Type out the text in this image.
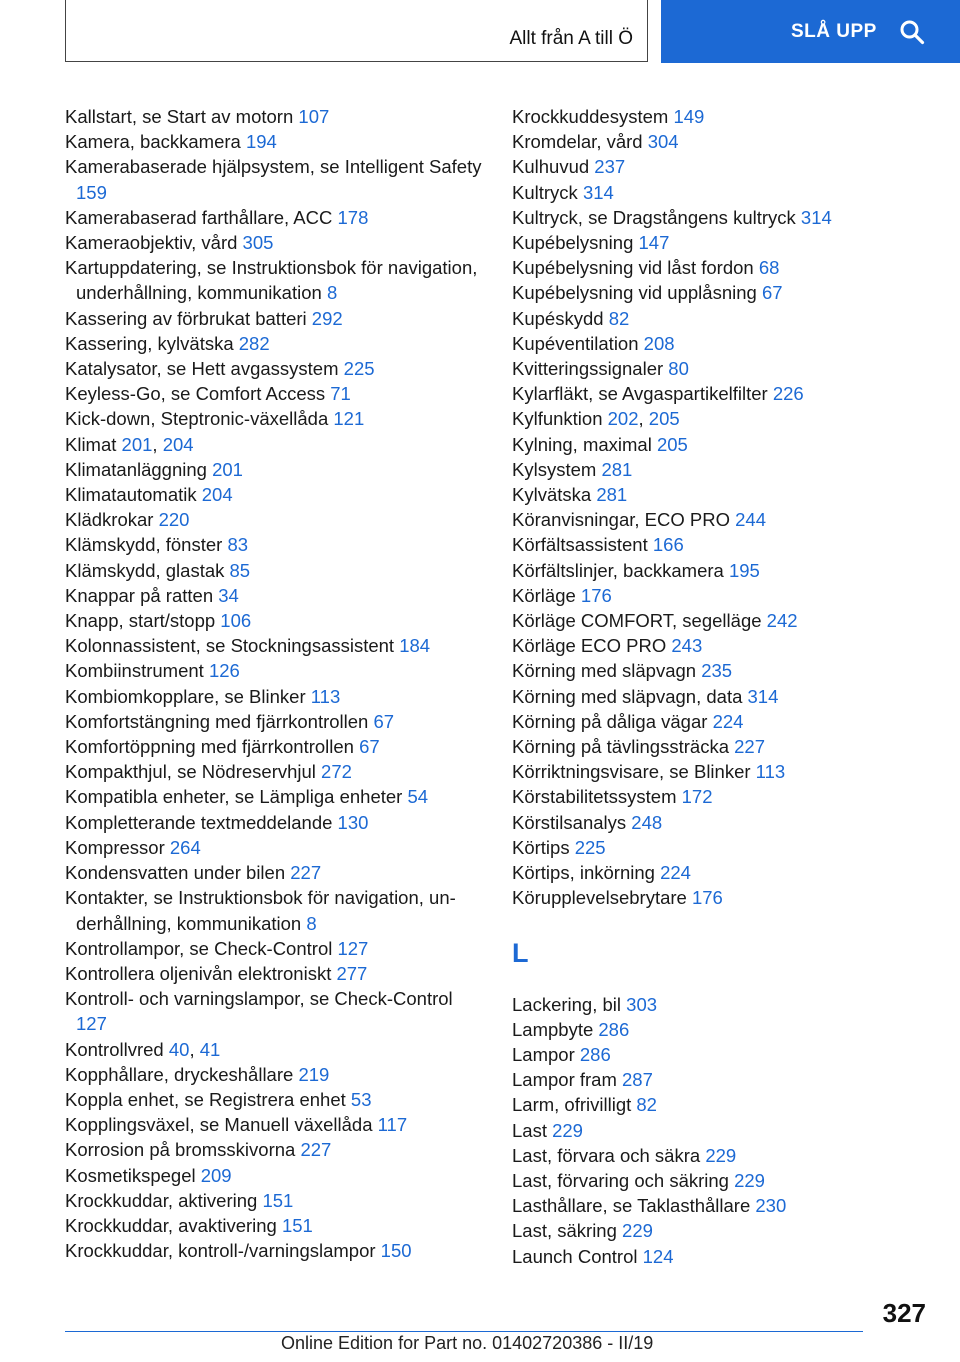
Allt från A till Ö	SLÅ UPP
Kallstart, se Start av motorn 107
Kamera, backkamera 194
Kamerabaserade hjälpsystem, se Intelligent Safety 159
Kamerabaserad farthållare, ACC 178
Kameraobjektiv, vård 305
Kartuppdatering, se Instruktionsbok för navigation, underhållning, kommunikation 8
Kassering av förbrukat batteri 292
Kassering, kylvätska 282
Katalysator, se Hett avgassystem 225
Keyless-Go, se Comfort Access 71
Kick-down, Steptronic-växellåda 121
Klimat 201, 204
Klimatanläggning 201
Klimatautomatik 204
Klädkrokar 220
Klämskydd, fönster 83
Klämskydd, glastak 85
Knappar på ratten 34
Knapp, start/stopp 106
Kolonnassistent, se Stockningsassistent 184
Kombiinstrument 126
Kombiomkopplare, se Blinker 113
Komfortstängning med fjärrkontrollen 67
Komfortöppning med fjärrkontrollen 67
Kompakthjul, se Nödreservhjul 272
Kompatibla enheter, se Lämpliga enheter 54
Kompletterande textmeddelande 130
Kompressor 264
Kondensvatten under bilen 227
Kontakter, se Instruktionsbok för navigation, underhållning, kommunikation 8
Kontrollampor, se Check-Control 127
Kontrollera oljenivån elektroniskt 277
Kontroll- och varningslampor, se Check-Control 127
Kontrollvred 40, 41
Kopphållare, dryckeshållare 219
Koppla enhet, se Registrera enhet 53
Kopplingsväxel, se Manuell växellåda 117
Korrosion på bromsskivorna 227
Kosmetikspegel 209
Krockkuddar, aktivering 151
Krockkuddar, avaktivering 151
Krockkuddar, kontroll-/varningslampor 150
Krockkuddesystem 149
Kromdelar, vård 304
Kulhuvud 237
Kultryck 314
Kultryck, se Dragstångens kultryck 314
Kupébelysning 147
Kupébelysning vid låst fordon 68
Kupébelysning vid upplåsning 67
Kupéskydd 82
Kupéventilation 208
Kvitteringssignaler 80
Kylarfläkt, se Avgaspartikelfilter 226
Kylfunktion 202, 205
Kylning, maximal 205
Kylsystem 281
Kylvätska 281
Köranvisningar, ECO PRO 244
Körfältsassistent 166
Körfältslinjer, backkamera 195
Körläge 176
Körläge COMFORT, segelläge 242
Körläge ECO PRO 243
Körning med släpvagn 235
Körning med släpvagn, data 314
Körning på dåliga vägar 224
Körning på tävlingssträcka 227
Körriktningsvisare, se Blinker 113
Körstabilitetssystem 172
Körstilsanalys 248
Körtips 225
Körtips, inkörning 224
Körupplevelsebrytare 176
L
Lackering, bil 303
Lampbyte 286
Lampor 286
Lampor fram 287
Larm, ofrivilligt 82
Last 229
Last, förvara och säkra 229
Last, förvaring och säkring 229
Lasthållare, se Taklasthållare 230
Last, säkring 229
Launch Control 124
327
Online Edition for Part no. 01402720386 - II/19
